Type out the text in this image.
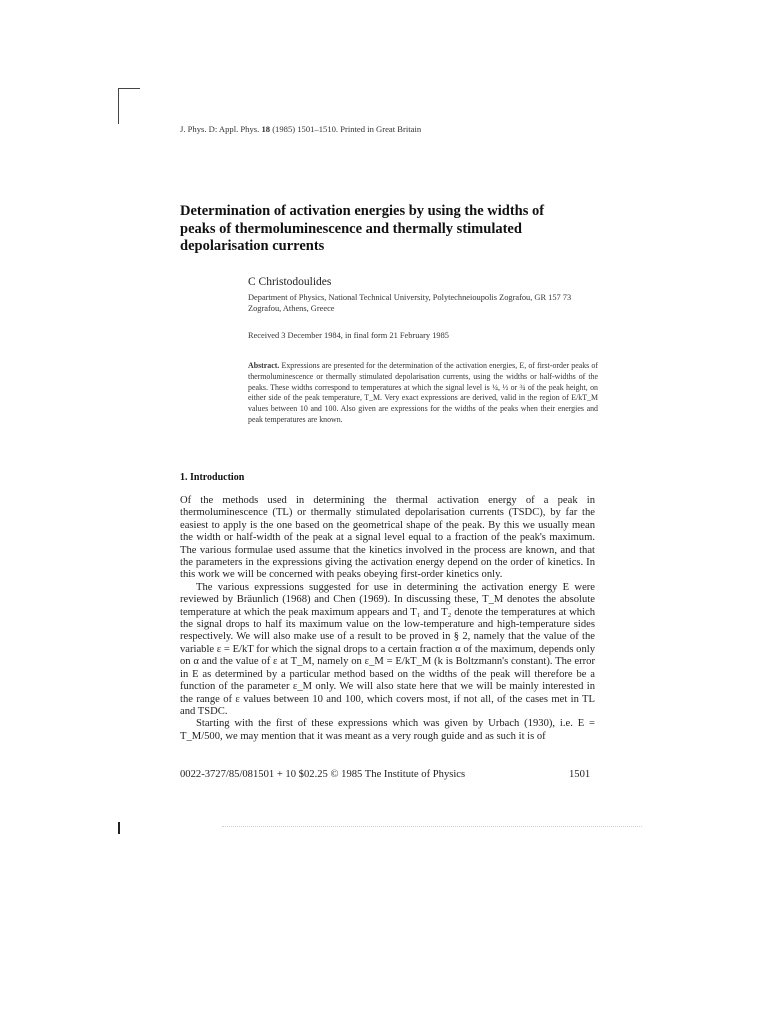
J. Phys. D: Appl. Phys. 18 (1985) 1501–1510. Printed in Great Britain
Determination of activation energies by using the widths of peaks of thermoluminescence and thermally stimulated depolarisation currents
C Christodoulides
Department of Physics, National Technical University, Polytechneioupolis Zografou, GR 157 73 Zografou, Athens, Greece
Received 3 December 1984, in final form 21 February 1985
Abstract. Expressions are presented for the determination of the activation energies, E, of first-order peaks of thermoluminescence or thermally stimulated depolarisation currents, using the widths or half-widths of the peaks. These widths correspond to temperatures at which the signal level is ¼, ½ or ¾ of the peak height, on either side of the peak temperature, T_M. Very exact expressions are derived, valid in the region of E/kT_M values between 10 and 100. Also given are expressions for the widths of the peaks when their energies and peak temperatures are known.
1. Introduction

Of the methods used in determining the thermal activation energy of a peak in thermoluminescence (TL) or thermally stimulated depolarisation currents (TSDC), by far the easiest to apply is the one based on the geometrical shape of the peak. By this we usually mean the width or half-width of the peak at a signal level equal to a fraction of the peak's maximum. The various formulae used assume that the kinetics involved in the process are known, and that the parameters in the expressions giving the activation energy depend on the order of kinetics. In this work we will be concerned with peaks obeying first-order kinetics only.

The various expressions suggested for use in determining the activation energy E were reviewed by Bräunlich (1968) and Chen (1969). In discussing these, T_M denotes the absolute temperature at which the peak maximum appears and T₁ and T₂ denote the temperatures at which the signal drops to half its maximum value on the low-temperature and high-temperature sides respectively. We will also make use of a result to be proved in § 2, namely that the value of the variable ε = E/kT for which the signal drops to a certain fraction α of the maximum, depends only on α and the value of ε at T_M, namely on ε_M = E/kT_M (k is Boltzmann's constant). The error in E as determined by a particular method based on the widths of the peak will therefore be a function of the parameter ε_M only. We will also state here that we will be mainly interested in the range of ε values between 10 and 100, which covers most, if not all, of the cases met in TL and TSDC.

Starting with the first of these expressions which was given by Urbach (1930), i.e. E = T_M/500, we may mention that it was meant as a very rough guide and as such it is of

0022-3727/85/081501 + 10 $02.25 © 1985 The Institute of Physics	1501
